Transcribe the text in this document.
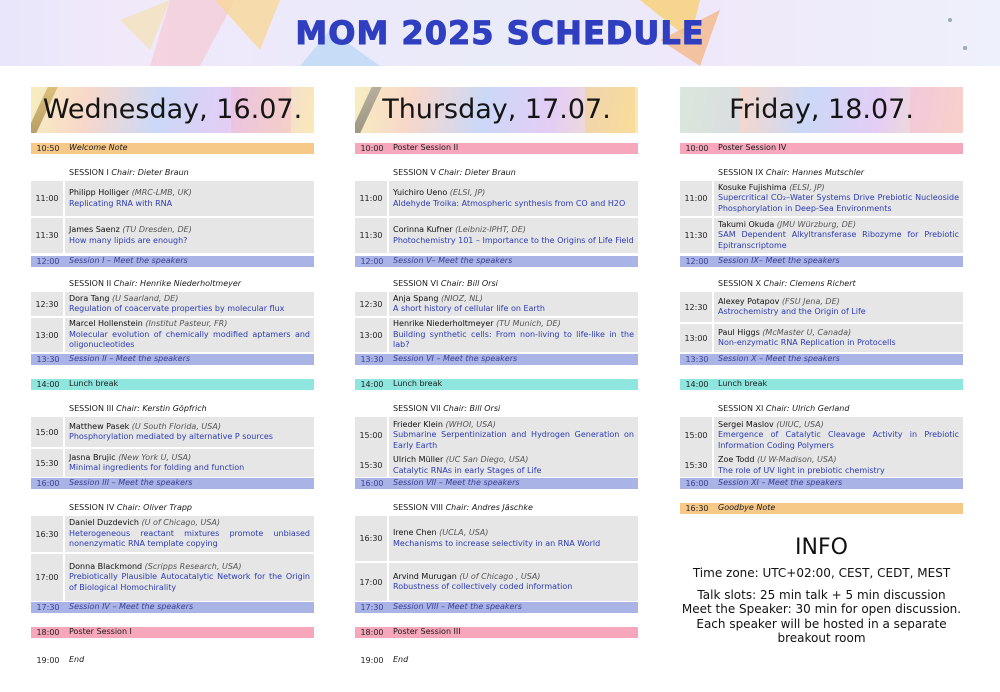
MOM 2025 SCHEDULE
Wednesday, 16.07.
10:50	Welcome Note
SESSION I Chair: Dieter Braun
11:00
Philipp Holliger (MRC-LMB, UK)
Replicating RNA with RNA
11:30
James Saenz (TU Dresden, DE)
How many lipids are enough?
12:00	Session I – Meet the speakers
SESSION II Chair: Henrike Niederholtmeyer
12:30
Dora Tang (U Saarland, DE)
Regulation of coacervate properties by molecular flux
13:00
Marcel Hollenstein (Institut Pasteur, FR)
Molecular evolution of chemically modified aptamers and oligonucleotides
13:30	Session II – Meet the speakers
14:00	Lunch break
SESSION III Chair: Kerstin Göpfrich
15:00
Matthew Pasek (U South Florida, USA)
Phosphorylation mediated by alternative P sources
15:30
Jasna Brujic (New York U, USA)
Minimal ingredients for folding and function
16:00	Session III – Meet the speakers
SESSION IV Chair: Oliver Trapp
16:30
Daniel Duzdevich (U of Chicago, USA)
Heterogeneous reactant mixtures promote unbiased nonenzymatic RNA template copying
17:00
Donna Blackmond (Scripps Research, USA)
Prebiotically Plausible Autocatalytic Network for the Origin of Biological Homochirality
17:30	Session IV – Meet the speakers
18:00	Poster Session I
19:00	End
Thursday, 17.07.
10:00	Poster Session II
SESSION V Chair: Dieter Braun
11:00
Yuichiro Ueno (ELSI, JP)
Aldehyde Troika: Atmospheric synthesis from CO and H2O
11:30
Corinna Kufner (Leibniz-IPHT, DE)
Photochemistry 101 – Importance to the Origins of Life Field
12:00	Session V– Meet the speakers
SESSION VI Chair: Bill Orsi
12:30
Anja Spang (NIOZ, NL)
A short history of cellular life on Earth
13:00
Henrike Niederholtmeyer (TU Munich, DE)
Building synthetic cells: From non-living to life-like in the lab?
13:30	Session VI – Meet the speakers
14:00	Lunch break
SESSION VII Chair: Bill Orsi
15:00
Frieder Klein (WHOI, USA)
Submarine Serpentinization and Hydrogen Generation on Early Earth
15:30
Ulrich Müller (UC San Diego, USA)
Catalytic RNAs in early Stages of Life
16:00	Session VII – Meet the speakers
SESSION VIII Chair: Andres Jäschke
16:30
Irene Chen (UCLA, USA)
Mechanisms to increase selectivity in an RNA World
17:00
Arvind Murugan (U of Chicago , USA)
Robustness of collectively coded information
17:30	Session VIII – Meet the speakers
18:00	Poster Session III
19:00	End
Friday, 18.07.
10:00	Poster Session IV
SESSION IX Chair: Hannes Mutschler
11:00
Kosuke Fujishima (ELSI, JP)
Supercritical CO₂–Water Systems Drive Prebiotic Nucleoside Phosphorylation in Deep-Sea Environments
11:30
Takumi Okuda (JMU Würzburg, DE)
SAM Dependent Alkyltransferase Ribozyme for Prebiotic Epitranscriptome
12:00	Session IX– Meet the speakers
SESSION X Chair: Clemens Richert
12:30
Alexey Potapov (FSU Jena, DE)
Astrochemistry and the Origin of Life
13:00
Paul Higgs (McMaster U, Canada)
Non-enzymatic RNA Replication in Protocells
13:30	Session X – Meet the speakers
14:00	Lunch break
SESSION XI Chair: Ulrich Gerland
15:00
Sergei Maslov (UIUC, USA)
Emergence of Catalytic Cleavage Activity in Prebiotic Information Coding Polymers
15:30
Zoe Todd (U W-Madison, USA)
The role of UV light in prebiotic chemistry
16:00	Session XI – Meet the speakers
16:30	Goodbye Note
INFO

Time zone: UTC+02:00, CEST, CEDT, MEST

Talk slots: 25 min talk + 5 min discussion

Meet the Speaker: 30 min for open discussion. Each speaker will be hosted in a separate breakout room
